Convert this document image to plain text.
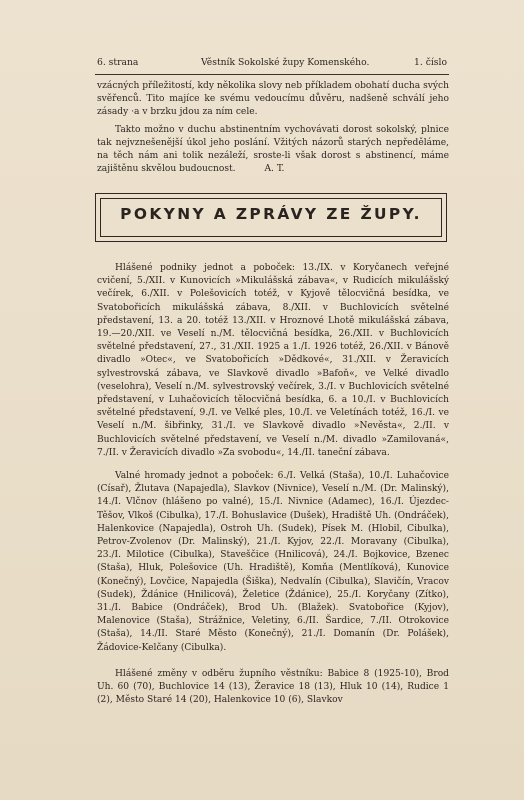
6. strana	Věstník Sokolské župy Komenského.	1. číslo

vzácných příležitostí, kdy několika slovy neb příkladem obohatí duchа svých svěřenců. Tito majíce ke svému vedoucímu důvěru, nadšeně schválí jeho zásady ·a v brzku jdou za ním cele.

Takto možno v duchu abstinentním vychovávati dorost sokolský, plnice tak nejvznešenější úkol jeho poslání. Vžitých názorů starých nepředěláme, na těch nám ani tolik nezáleží, srostе-li však dorost s abstinencí, máme zajištěnu skvělou budoucnost.	A. T.

POKYNY A ZPRÁVY ZE ŽUPY.

Hlášené podniky jednot a poboček: 13./IX. v Koryčanech veřejné cvičení, 5./XII. v Kunovicích »Mikulášská zábava«, v Rudicích mikulášský večírek, 6./XII. v Polešovicích totéž, v Kyjově tělocvičná besídka, ve Svatobořicích mikulášská zábava, 8./XII. v Buchlovicích světelné představení, 13. a 20. totéž 13./XII. v Hroznové Lhotě mikulášská zábava, 19.—20./XII. ve Veselí n./M. tělocvičná besídka, 26./XII. v Buchlovicích světelné představení, 27., 31./XII. 1925 a 1./I. 1926 totéž, 26./XII. v Bánově divadlo »Otec«, ve Svatobořicích »Dědkové«, 31./XII. v Žeravicích sylvestrovská zábava, ve Slavkově divadlo »Bafoň«, ve Velké divadlo (veselohra), Veselí n./M. sylvestrovský večírek, 3./I. v Buchlovicích světelné představení, v Luhačovicích tělocvičná besídka, 6. a 10./I. v Buchlovicích světelné představení, 9./I. ve Velké ples, 10./I. ve Veletínách totéž, 16./I. ve Veselí n./M. šibřinky, 31./I. ve Slavkově divadlo »Nevěsta«, 2./II. v Buchlovicích světelné představení, ve Veselí n./M. divadlo »Zamilovaná«, 7./II. v Žeravicích divadlo »Za svobodu«, 14./II. taneční zábava.

Valné hromady jednot a poboček: 6./I. Velká (Staša), 10./I. Luhačovice (Císař), Žlutava (Napajedla), Slavkov (Nivnice), Veselí n./M. (Dr. Malinský), 14./I. Vlčnov (hlášeno po valné), 15./I. Nivnice (Adamec), 16./I. Újezdec-Těšov, Vlkoš (Cibulka), 17./I. Bohuslavice (Dušek), Hradiště Uh. (Ondráček), Halenkovice (Napajedla), Ostroh Uh. (Sudek), Písek M. (Hlobil, Cibulka), Petrov-Zvolenov (Dr. Malinský), 21./I. Kyjov, 22./I. Moravany (Cibulka), 23./I. Milotice (Cibulka), Staveščice (Hnilicová), 24./I. Bojkovice, Bzenec (Staša), Hluk, Polešovice (Uh. Hradiště), Komňa (Mentlíková), Kunovice (Konečný), Lovčice, Napajedla (Šiška), Nedvalín (Cibulka), Slavičín, Vracov (Sudek), Ždánice (Hnilicová), Želetice (Ždánice), 25./I. Koryčany (Zítko), 31./I. Babice (Ondráček), Brod Uh. (Blažek). Svatobořice (Kyjov), Malenovice (Staša), Strážnice, Veletiny, 6./II. Šardice, 7./II. Otrokovice (Staša), 14./II. Staré Město (Konečný), 21./I. Domanín (Dr. Polášek), Žádovice-Kelčany (Cibulka).

Hlášené změny v odběru župního věstníku: Babice 8 (1925-10), Brod Uh. 60 (70), Buchlovice 14 (13), Žeravice 18 (13), Hluk 10 (14), Rudice 1 (2), Město Staré 14 (20), Halenkovice 10 (6), Slavkov
